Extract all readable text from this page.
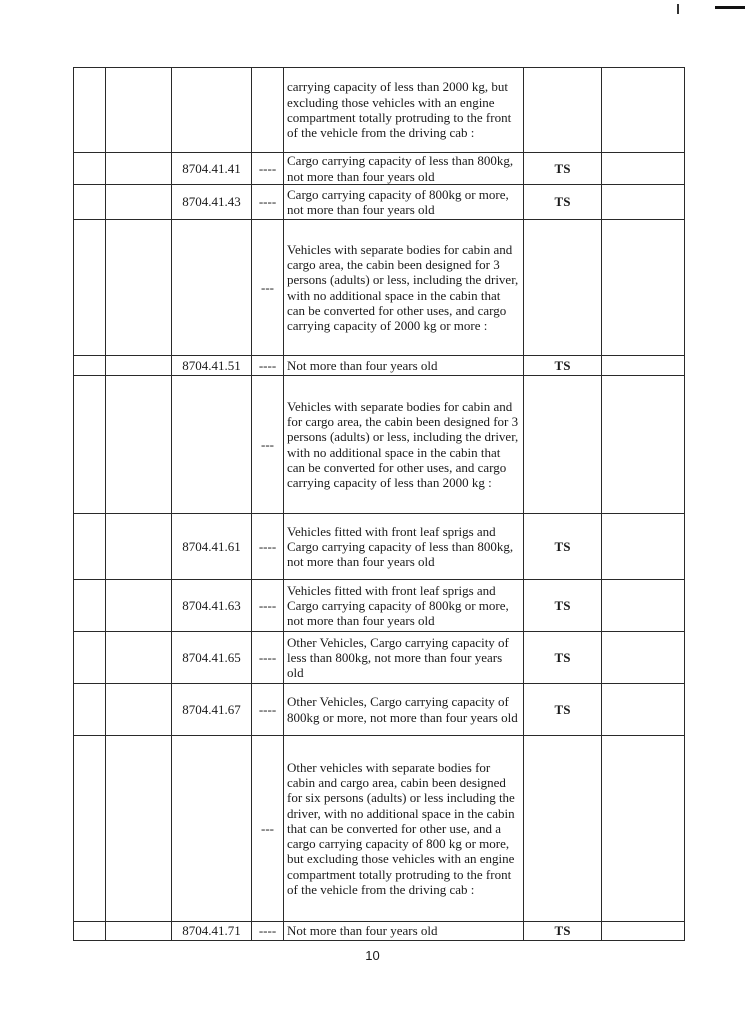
				carrying capacity of less than 2000 kg, but excluding those vehicles with an engine compartment totally protruding to the front of the vehicle from the driving cab :		
		8704.41.41	----	Cargo carrying capacity of less than 800kg, not more than four years old	TS	
		8704.41.43	----	Cargo carrying capacity of 800kg or more, not more than four years old	TS	
			---	Vehicles with separate bodies for cabin and cargo area, the cabin been designed for 3 persons (adults) or less, including the driver, with no additional space in the cabin that can be converted for other uses, and cargo carrying capacity of 2000 kg or more :		
		8704.41.51	----	Not more than four years old	TS	
			---	Vehicles with separate bodies for cabin and for cargo area, the cabin been designed for 3 persons (adults) or less, including the driver, with no additional space in the cabin that can be converted for other uses, and cargo carrying capacity of less than 2000 kg :		
		8704.41.61	----	Vehicles fitted with front leaf sprigs and Cargo carrying capacity of less than 800kg, not more than four years old	TS	
		8704.41.63	----	Vehicles fitted with front leaf sprigs and Cargo carrying capacity of 800kg or more, not more than four years old	TS	
		8704.41.65	----	Other Vehicles, Cargo carrying capacity of less than 800kg, not more than four years old	TS	
		8704.41.67	----	Other Vehicles, Cargo carrying capacity of 800kg or more, not more than four years old	TS	
			---	Other vehicles with separate bodies for cabin and cargo area, cabin been designed for six persons (adults) or less including the driver, with no additional space in the cabin that can be converted for other use, and a cargo carrying capacity of 800 kg or more, but excluding those vehicles with an engine compartment totally protruding to the front of the vehicle from the driving cab :		
		8704.41.71	----	Not more than four years old	TS	
10
